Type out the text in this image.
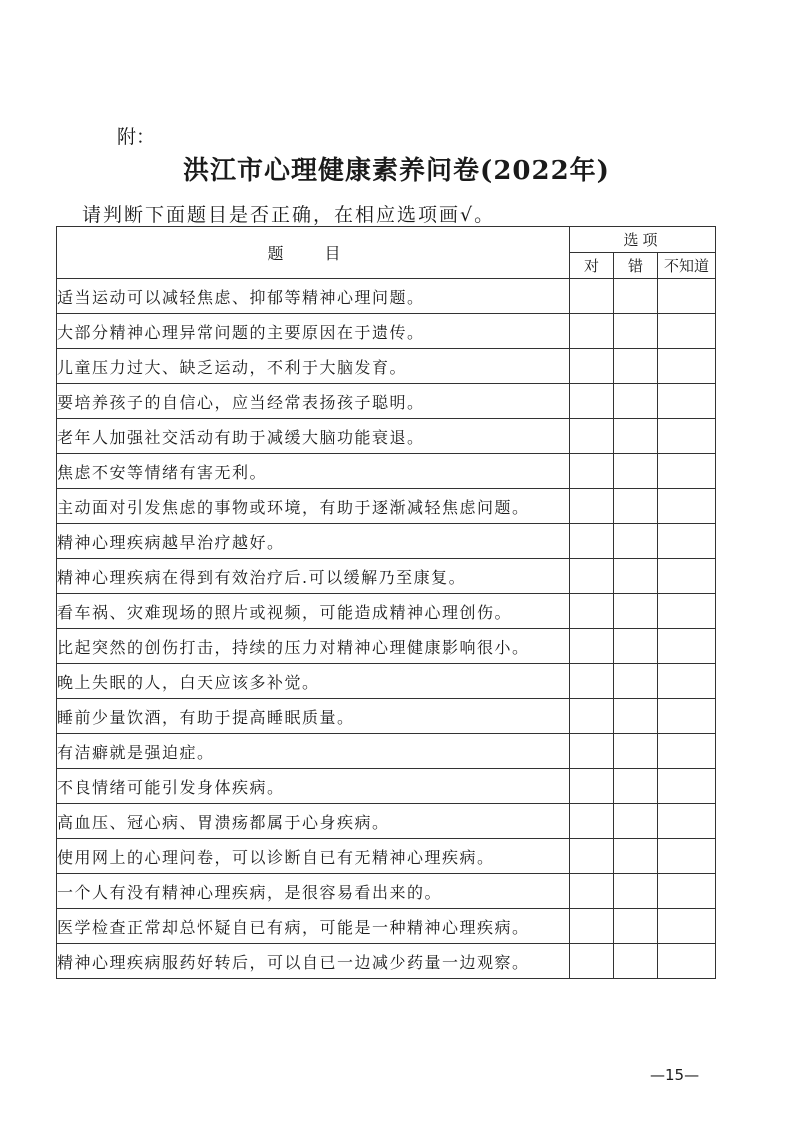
附：
洪江市心理健康素养问卷(2022年)
请判断下面题目是否正确，在相应选项画√。
题 目	选项		
	对	错	不知道
适当运动可以减轻焦虑、抑郁等精神心理问题。			
大部分精神心理异常问题的主要原因在于遗传。			
儿童压力过大、缺乏运动，不利于大脑发育。			
要培养孩子的自信心，应当经常表扬孩子聪明。			
老年人加强社交活动有助于减缓大脑功能衰退。			
焦虑不安等情绪有害无利。			
主动面对引发焦虑的事物或环境，有助于逐渐减轻焦虑问题。			
精神心理疾病越早治疗越好。			
精神心理疾病在得到有效治疗后.可以缓解乃至康复。			
看车祸、灾难现场的照片或视频，可能造成精神心理创伤。			
比起突然的创伤打击，持续的压力对精神心理健康影响很小。			
晚上失眠的人，白天应该多补觉。			
睡前少量饮酒，有助于提高睡眠质量。			
有洁癖就是强迫症。			
不良情绪可能引发身体疾病。			
高血压、冠心病、胃溃疡都属于心身疾病。			
使用网上的心理问卷，可以诊断自已有无精神心理疾病。			
一个人有没有精神心理疾病，是很容易看出来的。			
医学检查正常却总怀疑自已有病，可能是一种精神心理疾病。			
精神心理疾病服药好转后，可以自已一边减少药量一边观察。			
—15—
